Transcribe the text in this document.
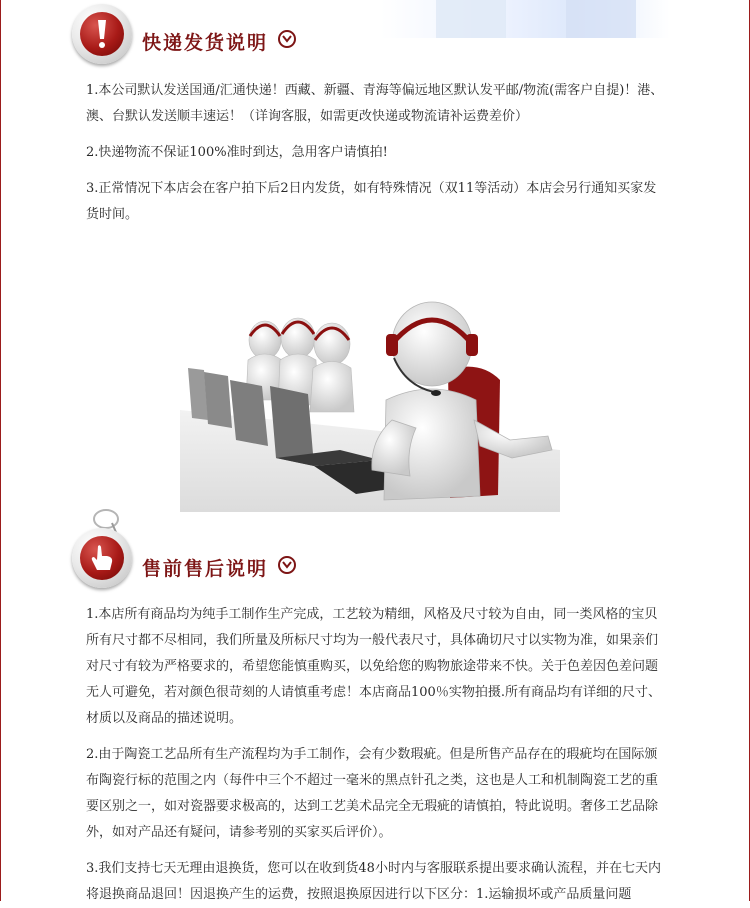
快递发货说明

1.本公司默认发送国通/汇通快递！西藏、新疆、青海等偏远地区默认发平邮/物流(需客户自提)！港、澳、台默认发送顺丰速运！（详询客服，如需更改快递或物流请补运费差价）

2.快递物流不保证100%准时到达，急用客户请慎拍!

3.正常情况下本店会在客户拍下后2日内发货，如有特殊情况（双11等活动）本店会另行通知买家发货时间。

售前售后说明

1.本店所有商品均为纯手工制作生产完成，工艺较为精细，风格及尺寸较为自由，同一类风格的宝贝所有尺寸都不尽相同，我们所量及所标尺寸均为一般代表尺寸，具体确切尺寸以实物为准，如果亲们对尺寸有较为严格要求的，希望您能慎重购买，以免给您的购物旅途带来不快。关于色差因色差问题无人可避免，若对颜色很苛刻的人请慎重考虑！本店商品100％实物拍摄.所有商品均有详细的尺寸、材质以及商品的描述说明。

2.由于陶瓷工艺品所有生产流程均为手工制作，会有少数瑕疵。但是所售产品存在的瑕疵均在国际颁布陶瓷行标的范围之内（每件中三个不超过一毫米的黑点针孔之类，这也是人工和机制陶瓷工艺的重要区别之一，如对瓷器要求极高的，达到工艺美术品完全无瑕疵的请慎拍，特此说明。奢侈工艺品除外，如对产品还有疑问，请参考别的买家买后评价）。

3.我们支持七天无理由退换货，您可以在收到货48小时内与客服联系提出要求确认流程，并在七天内将退换商品退回！因退换产生的运费，按照退换原因进行以下区分：1.运输损坏或产品质量问题
